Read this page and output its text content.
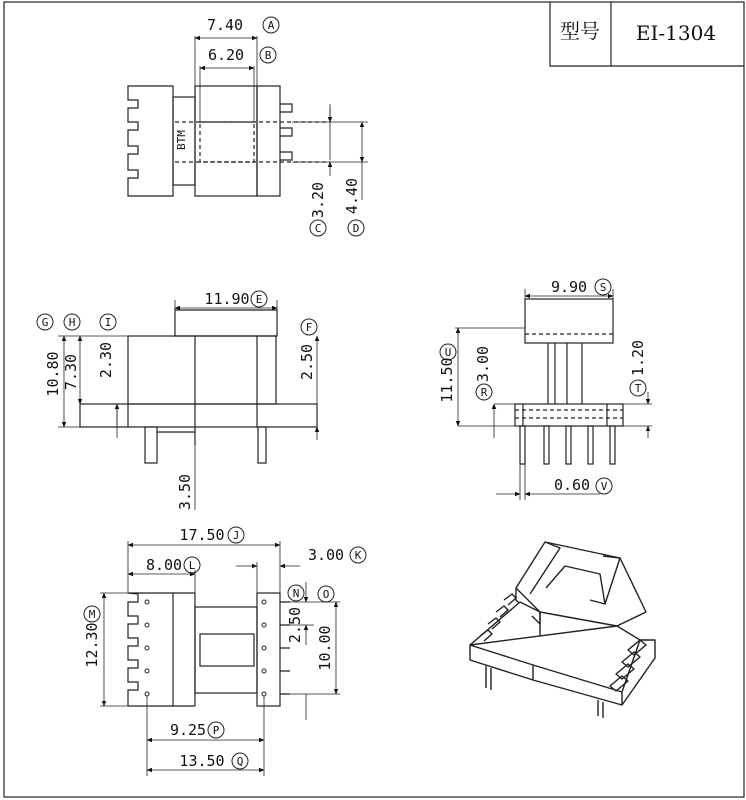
型号 EI-1304
BTM
7.40 A
6.20 B
3.20
C
4.40
D
11.90 E
F
2.50
G
10.80
H
7.30
I
2.30
3.50
9.90 S
U
11.50 3.00
R
1.20
T
0.60 V
17.50 J
8.00 L
3.00 K
M
12.30
N
2.50
O
10.00
9.25 P
13.50 Q
